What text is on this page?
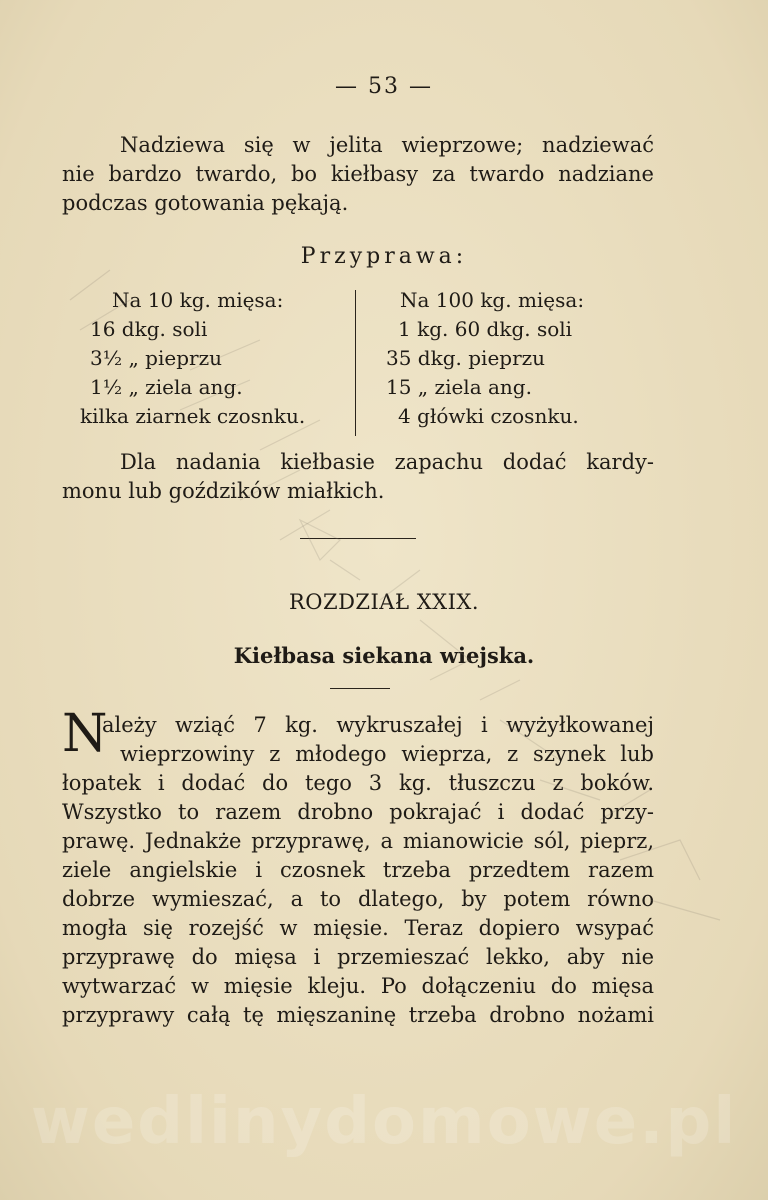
— 53 —
Nadziewa się w jelita wieprzowe; nadziewać
nie bardzo twardo, bo kiełbasy za twardo nadziane
podczas gotowania pękają.
Przyprawa:
Na 10 kg. mięsa:
16 dkg. soli
3½ „ pieprzu
1½ „ ziela ang.
kilka ziarnek czosnku.
Na 100 kg. mięsa:
1 kg. 60 dkg. soli
35 dkg. pieprzu
15 „ ziela ang.
4 główki czosnku.
Dla nadania kiełbasie zapachu dodać kardy-
monu lub goździków miałkich.
ROZDZIAŁ XXIX.
Kiełbasa siekana wiejska.
N
ależy wziąć 7 kg. wykruszałej i wyżyłkowanej
wieprzowiny z młodego wieprza, z szynek lub
łopatek i dodać do tego 3 kg. tłuszczu z boków.
Wszystko to razem drobno pokrajać i dodać przy-
prawę. Jednakże przyprawę, a mianowicie sól, pieprz,
ziele angielskie i czosnek trzeba przedtem razem
dobrze wymieszać, a to dlatego, by potem równo
mogła się rozejść w mięsie. Teraz dopiero wsypać
przyprawę do mięsa i przemieszać lekko, aby nie
wytwarzać w mięsie kleju. Po dołączeniu do mięsa
przyprawy całą tę mięszaninę trzeba drobno nożami
wedlinydomowe.pl
